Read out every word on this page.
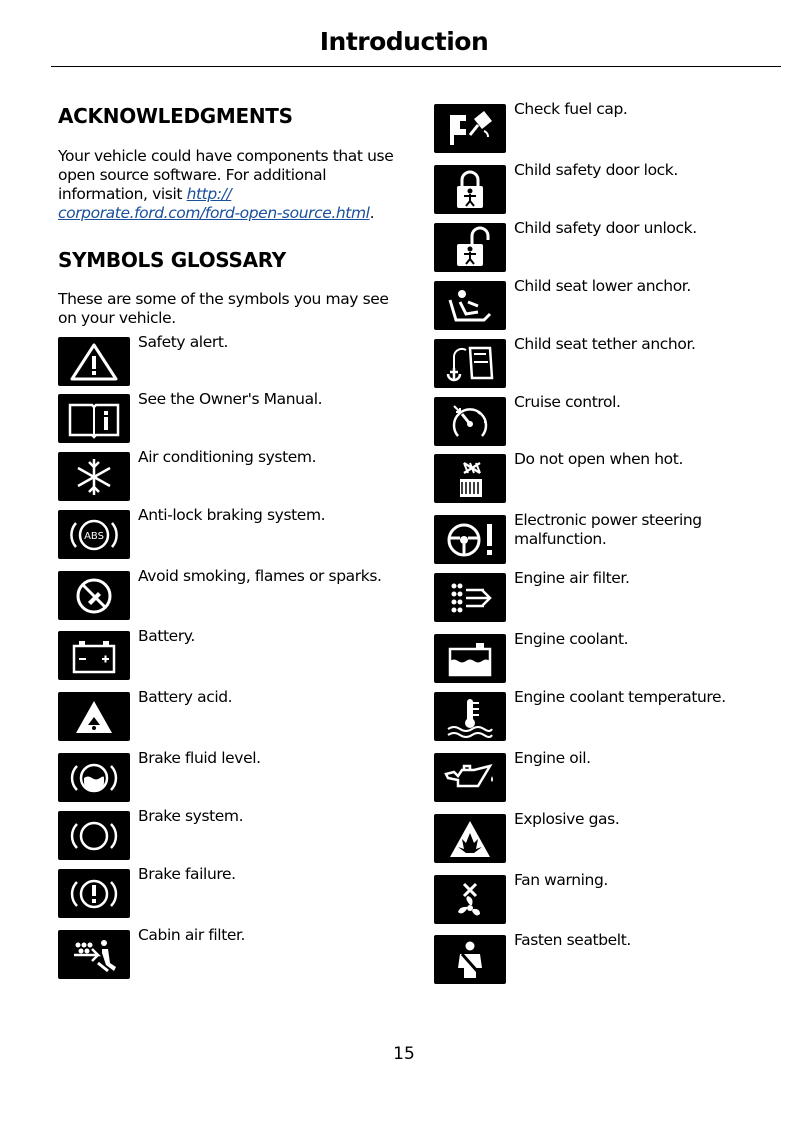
Introduction
ACKNOWLEDGMENTS
Your vehicle could have components that use open source software. For additional information, visit http:// corporate.ford.com/ford-open-source.html.
SYMBOLS GLOSSARY
These are some of the symbols you may see on your vehicle.
Safety alert.
See the Owner's Manual.
Air conditioning system.
ABS
Anti-lock braking system.
Avoid smoking, flames or sparks.
Battery.
Battery acid.
Brake fluid level.
Brake system.
Brake failure.
Cabin air filter.
Check fuel cap.
Child safety door lock.
Child safety door unlock.
Child seat lower anchor.
Child seat tether anchor.
Cruise control.
Do not open when hot.
Electronic power steering malfunction.
Engine air filter.
Engine coolant.
Engine coolant temperature.
Engine oil.
Explosive gas.
Fan warning.
Fasten seatbelt.
15
